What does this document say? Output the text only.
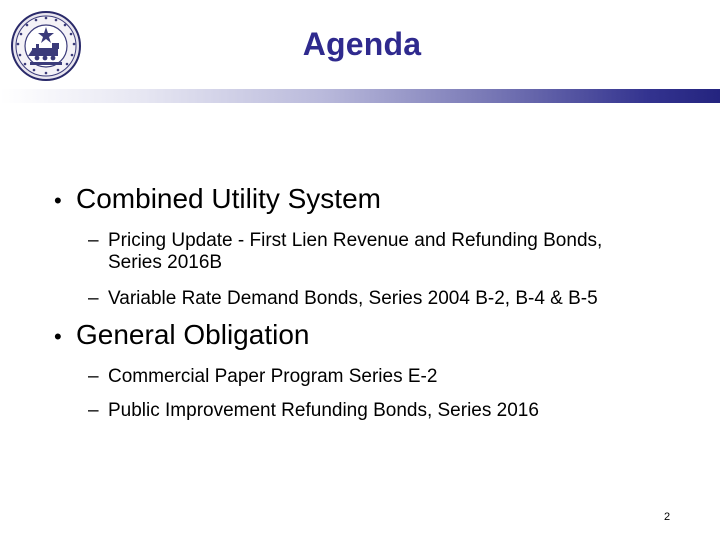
Agenda
• Combined Utility System
– Pricing Update - First Lien Revenue and Refunding Bonds,
Series 2016B
– Variable Rate Demand Bonds, Series 2004 B-2, B-4 & B-5
• General Obligation
– Commercial Paper Program Series E-2
– Public Improvement Refunding Bonds, Series 2016
2
